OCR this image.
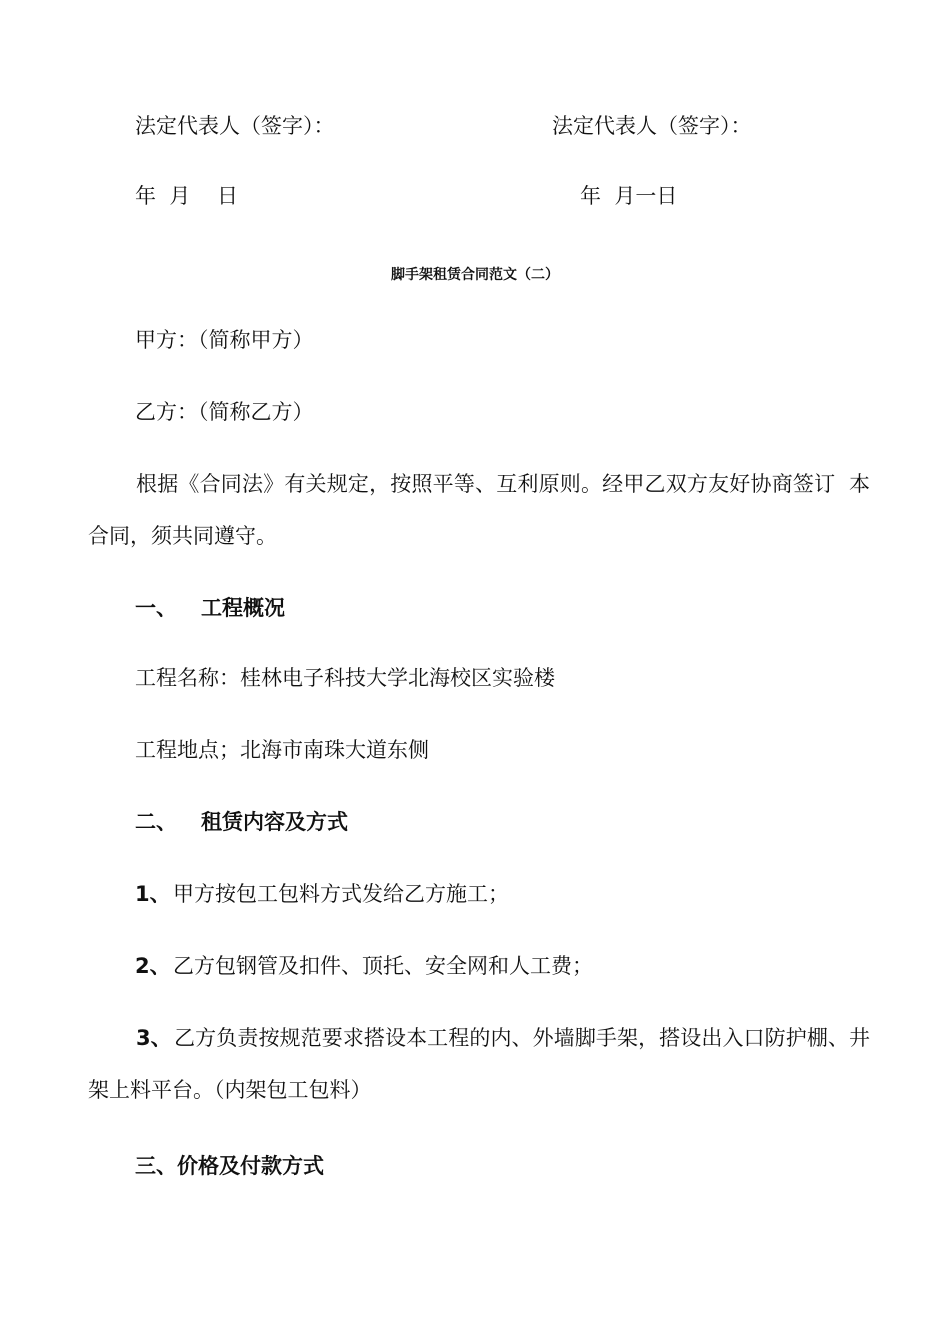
法定代表人（签字）：	法定代表人（签字）：
年  月    日	年  月一日
脚手架租赁合同范文（二）
甲方：（简称甲方）
乙方：（简称乙方）
根据《合同法》有关规定，按照平等、互利原则。经甲乙双方友好协商签订  本合同，须共同遵守。
一、 工程概况
工程名称：桂林电子科技大学北海校区实验楼
工程地点；北海市南珠大道东侧
二、 租赁内容及方式
1、 甲方按包工包料方式发给乙方施工；
2、 乙方包钢管及扣件、顶托、安全网和人工费；
3、 乙方负责按规范要求搭设本工程的内、外墙脚手架，搭设出入口防护棚、井架上料平台。（内架包工包料）
三、价格及付款方式
